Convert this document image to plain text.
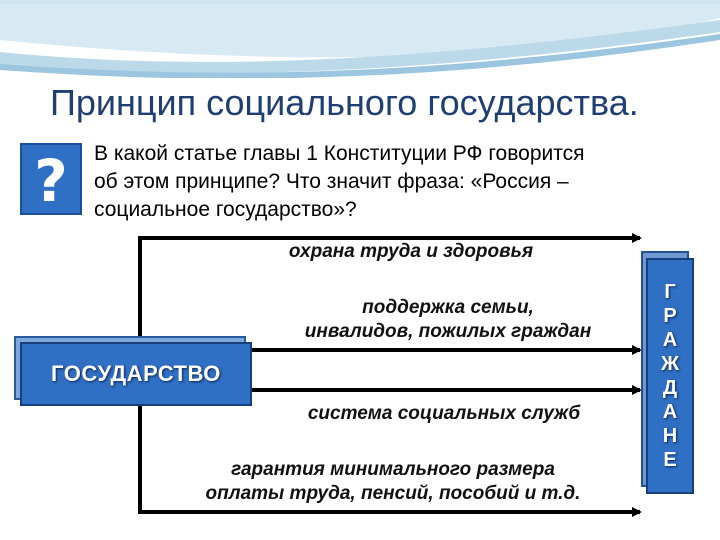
Принцип социального государства.
? В какой статье главы 1 Конституции РФ говорится
об этом принципе? Что значит фраза: «Россия –
социальное государство»?
охрана труда и здоровья
поддержка семьи,
инвалидов, пожилых граждан
система социальных служб
гарантия минимального размера
оплаты труда, пенсий, пособий и т.д.
ГОСУДАРСТВО
Г
Р
А
Ж
Д
А
Н
Е
